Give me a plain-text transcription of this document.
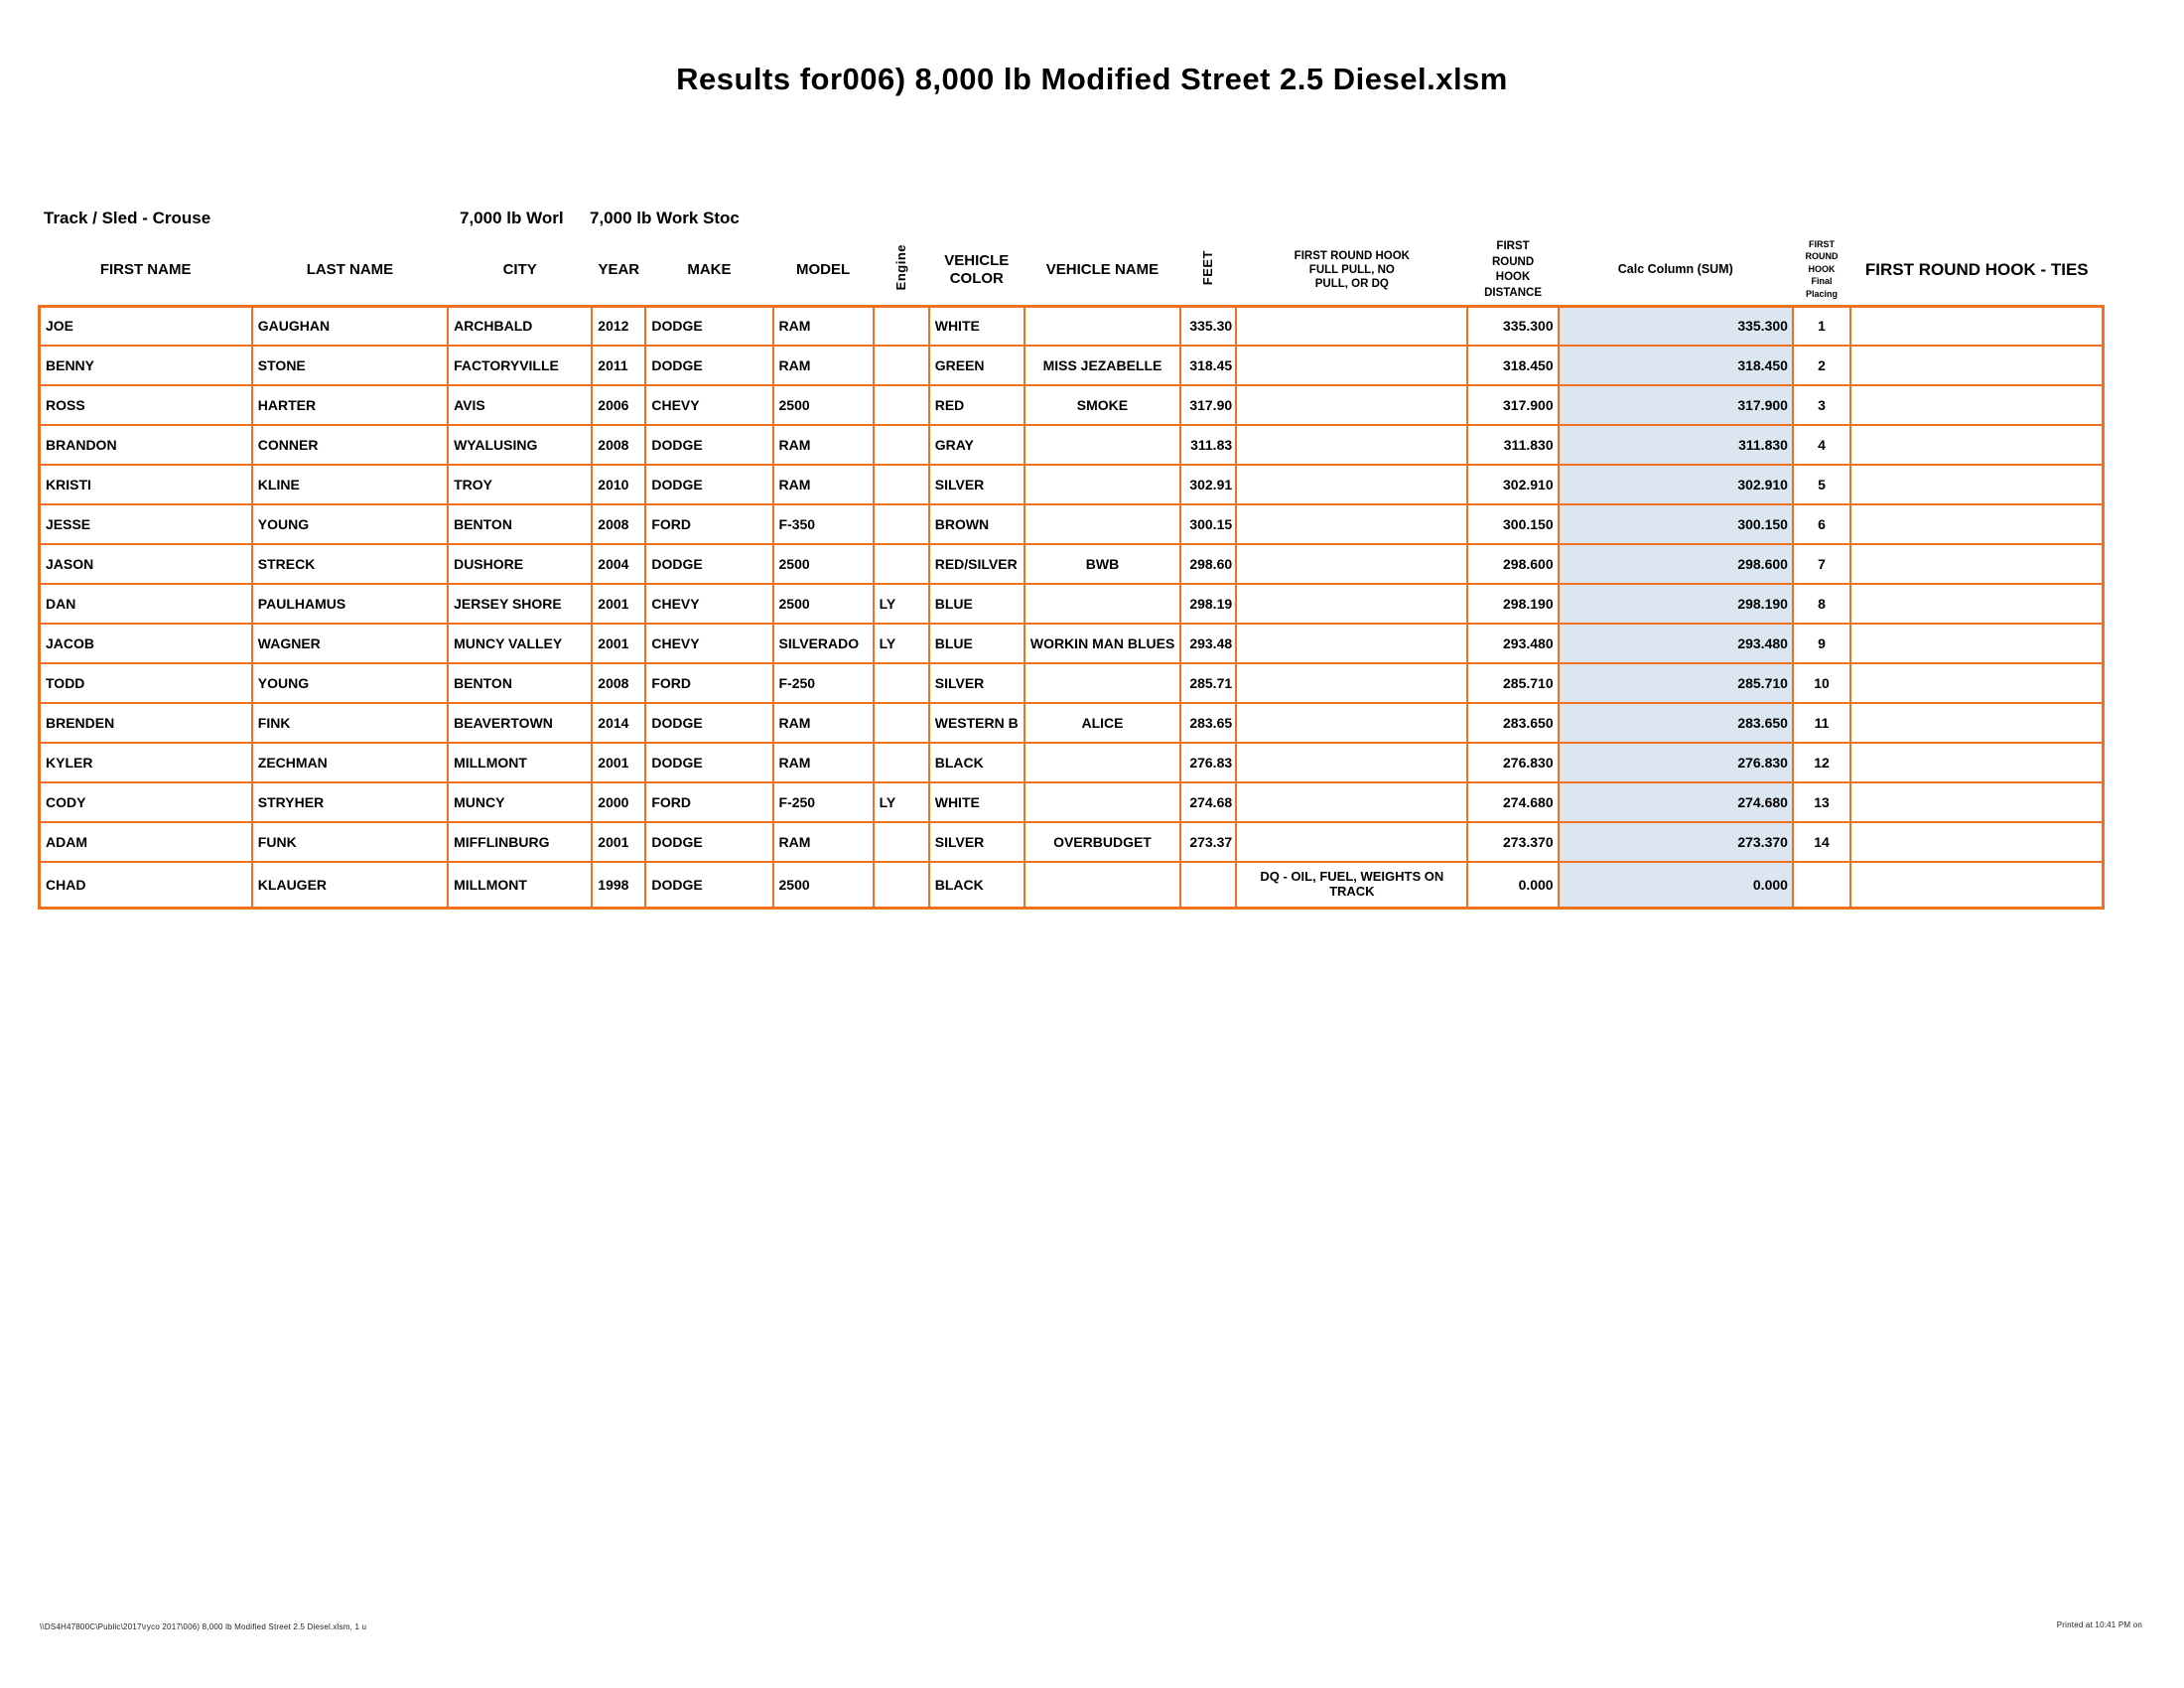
Results for006) 8,000 lb Modified Street 2.5 Diesel.xlsm
Track / Sled - Crouse	7,000 lb Worl 7,000 lb Work Stoc
FIRST NAME	LAST NAME	CITY	YEAR	MAKE	MODEL	Engine	VEHICLE COLOR	VEHICLE NAME	FEET	FIRST ROUND HOOK FULL PULL, NO PULL, OR DQ	FIRST ROUND HOOK DISTANCE	Calc Column (SUM)	FIRST ROUND HOOK Final Placing	FIRST ROUND HOOK - TIES
JOE	GAUGHAN	ARCHBALD	2012	DODGE	RAM		WHITE		335.30		335.300	335.300	1	
BENNY	STONE	FACTORYVILLE	2011	DODGE	RAM		GREEN	MISS JEZABELLE	318.45		318.450	318.450	2	
ROSS	HARTER	AVIS	2006	CHEVY	2500		RED	SMOKE	317.90		317.900	317.900	3	
BRANDON	CONNER	WYALUSING	2008	DODGE	RAM		GRAY		311.83		311.830	311.830	4	
KRISTI	KLINE	TROY	2010	DODGE	RAM		SILVER		302.91		302.910	302.910	5	
JESSE	YOUNG	BENTON	2008	FORD	F-350		BROWN		300.15		300.150	300.150	6	
JASON	STRECK	DUSHORE	2004	DODGE	2500		RED/SILVER	BWB	298.60		298.600	298.600	7	
DAN	PAULHAMUS	JERSEY SHORE	2001	CHEVY	2500	LY	BLUE		298.19		298.190	298.190	8	
JACOB	WAGNER	MUNCY VALLEY	2001	CHEVY	SILVERADO	LY	BLUE	WORKIN MAN BLUES	293.48		293.480	293.480	9	
TODD	YOUNG	BENTON	2008	FORD	F-250		SILVER		285.71		285.710	285.710	10	
BRENDEN	FINK	BEAVERTOWN	2014	DODGE	RAM		WESTERN B	ALICE	283.65		283.650	283.650	11	
KYLER	ZECHMAN	MILLMONT	2001	DODGE	RAM		BLACK		276.83		276.830	276.830	12	
CODY	STRYHER	MUNCY	2000	FORD	F-250	LY	WHITE		274.68		274.680	274.680	13	
ADAM	FUNK	MIFFLINBURG	2001	DODGE	RAM		SILVER	OVERBUDGET	273.37		273.370	273.370	14	
CHAD	KLAUGER	MILLMONT	1998	DODGE	2500		BLACK			DQ - OIL, FUEL, WEIGHTS ON TRACK	0.000	0.000		
\\DS4H47800C\Public\2017\ryco 2017\006) 8,000 lb Modified Street 2.5 Diesel.xlsm, 1 u	Printed at 10:41 PM on
